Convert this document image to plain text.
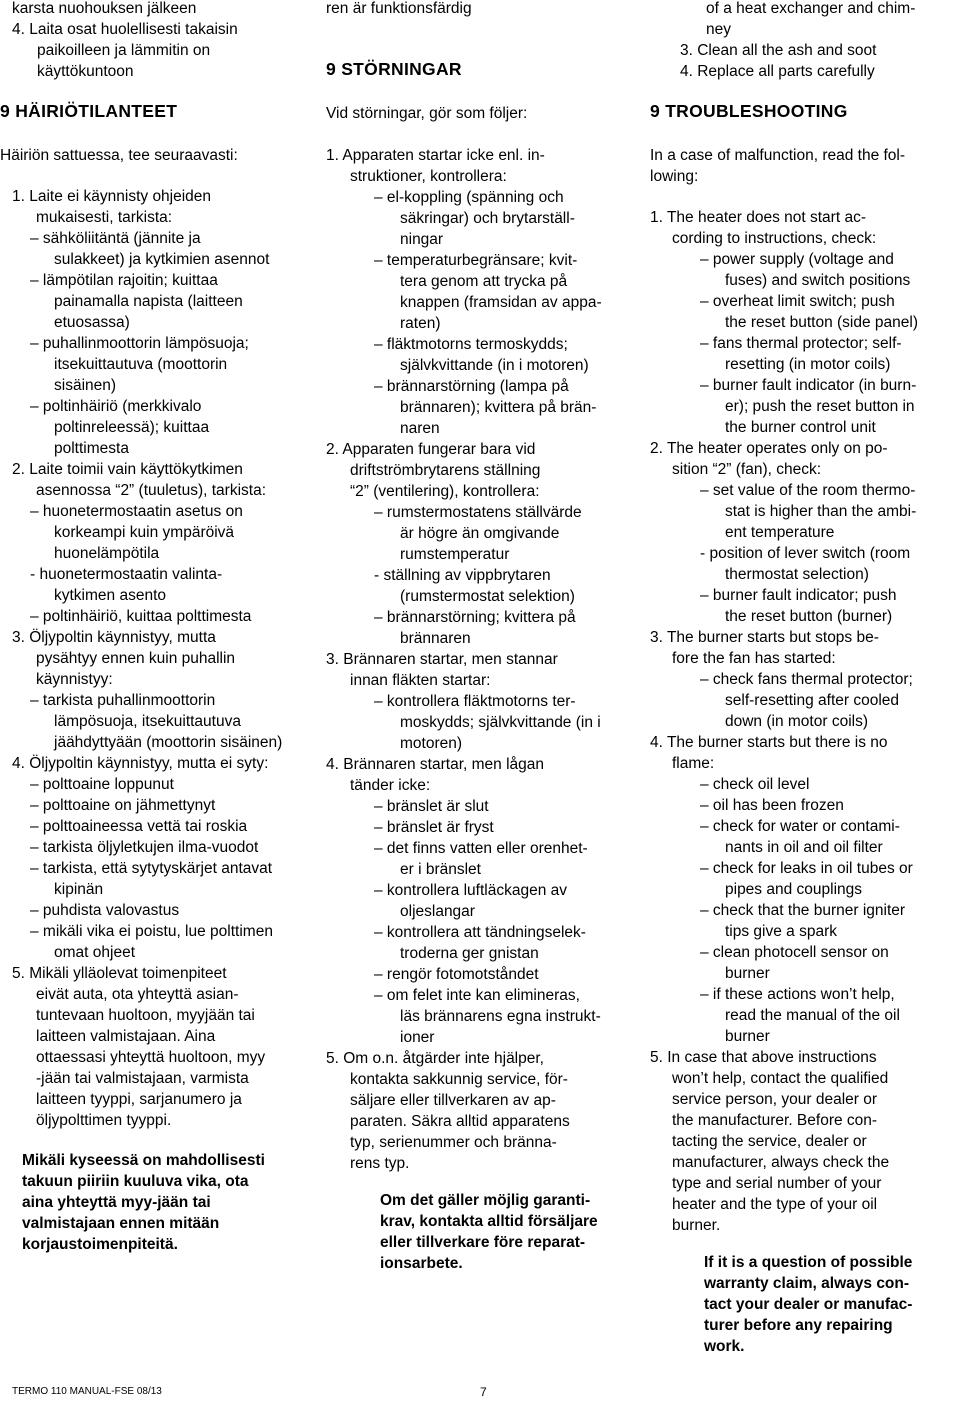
karsta nuohouksen jälkeen
4. Laita osat huolellisesti takaisin
paikoilleen ja lämmitin on
käyttökuntoon
9 HÄIRIÖTILANTEET
Häiriön sattuessa, tee seuraavasti:
1. Laite ei käynnisty ohjeiden
mukaisesti, tarkista:
– sähköliitäntä (jännite ja
sulakkeet) ja kytkimien asennot
– lämpötilan rajoitin; kuittaa
painamalla napista (laitteen
etuosassa)
– puhallinmoottorin lämpösuoja;
itsekuittautuva (moottorin
sisäinen)
– poltinhäiriö (merkkivalo
poltinreleessä); kuittaa
polttimesta
2. Laite toimii vain käyttökytkimen
asennossa “2” (tuuletus), tarkista:
– huonetermostaatin asetus on
korkeampi kuin ympäröivä
huonelämpötila
- huonetermostaatin valinta-
kytkimen asento
– poltinhäiriö, kuittaa polttimesta
3. Öljypoltin käynnistyy, mutta
pysähtyy ennen kuin puhallin
käynnistyy:
– tarkista puhallinmoottorin
lämpösuoja, itsekuittautuva
jäähdyttyään (moottorin sisäinen)
4. Öljypoltin käynnistyy, mutta ei syty:
– polttoaine loppunut
– polttoaine on jähmettynyt
– polttoaineessa vettä tai roskia
– tarkista öljyletkujen ilma-vuodot
– tarkista, että sytytyskärjet antavat
kipinän
– puhdista valovastus
– mikäli vika ei poistu, lue polttimen
omat ohjeet
5. Mikäli ylläolevat toimenpiteet
eivät auta, ota yhteyttä asian-
tuntevaan huoltoon, myyjään tai
laitteen valmistajaan. Aina
ottaessasi yhteyttä huoltoon, myy
-jään tai valmistajaan, varmista
laitteen tyyppi, sarjanumero ja
öljypolttimen tyyppi.
Mikäli kyseessä on mahdollisesti
takuun piiriin kuuluva vika, ota
aina yhteyttä myy-jään tai
valmistajaan ennen mitään
korjaustoimenpiteitä.
ren är funktionsfärdig
9 STÖRNINGAR
Vid störningar, gör som följer:
1. Apparaten startar icke enl. in-
struktioner, kontrollera:
– el-koppling (spänning och
säkringar) och brytarställ-
ningar
– temperaturbegränsare; kvit-
tera genom att trycka på
knappen (framsidan av appa-
raten)
– fläktmotorns termoskydds;
självkvittande (in i motoren)
– brännarstörning (lampa på
brännaren); kvittera på brän-
naren
2. Apparaten fungerar bara vid
driftströmbrytarens ställning
“2” (ventilering), kontrollera:
– rumstermostatens ställvärde
är högre än omgivande
rumstemperatur
- ställning av vippbrytaren
(rumstermostat selektion)
– brännarstörning; kvittera på
brännaren
3. Brännaren startar, men stannar
innan fläkten startar:
– kontrollera fläktmotorns ter-
moskydds; självkvittande (in i
motoren)
4. Brännaren startar, men lågan
tänder icke:
– bränslet är slut
– bränslet är fryst
– det finns vatten eller orenhet-
er i bränslet
– kontrollera luftläckagen av
oljeslangar
– kontrollera att tändningselek-
troderna ger gnistan
– rengör fotomotståndet
– om felet inte kan elimineras,
läs brännarens egna instrukt-
ioner
5. Om o.n. åtgärder inte hjälper,
kontakta sakkunnig service, för-
säljare eller tillverkaren av ap-
paraten. Säkra alltid apparatens
typ, serienummer och bränna-
rens typ.
Om det gäller möjlig garanti-
krav, kontakta alltid försäljare
eller tillverkare före reparat-
ionsarbete.
of a heat exchanger and chim-
ney
3. Clean all the ash and soot
4. Replace all parts carefully
9 TROUBLESHOOTING
In a case of malfunction, read the fol-
lowing:
1. The heater does not start ac-
cording to instructions, check:
– power supply (voltage and
fuses) and switch positions
– overheat limit switch; push
the reset button (side panel)
– fans thermal protector; self-
resetting (in motor coils)
– burner fault indicator (in burn-
er); push the reset button in
the burner control unit
2. The heater operates only on po-
sition “2” (fan), check:
– set value of the room thermo-
stat is higher than the ambi-
ent temperature
- position of lever switch (room
thermostat selection)
– burner fault indicator; push
the reset button (burner)
3. The burner starts but stops be-
fore the fan has started:
– check fans thermal protector;
self-resetting after cooled
down (in motor coils)
4. The burner starts but there is no
flame:
– check oil level
– oil has been frozen
– check for water or contami-
nants in oil and oil filter
– check for leaks in oil tubes or
pipes and couplings
– check that the burner igniter
tips give a spark
– clean photocell sensor on
burner
– if these actions won’t help,
read the manual of the oil
burner
5. In case that above instructions
won’t help, contact the qualified
service person, your dealer or
the manufacturer. Before con-
tacting the service, dealer or
manufacturer, always check the
type and serial number of your
heater and the type of your oil
burner.
If it is a question of possible
warranty claim, always con-
tact your dealer or manufac-
turer before any repairing
work.
TERMO 110 MANUAL-FSE 08/13	7
